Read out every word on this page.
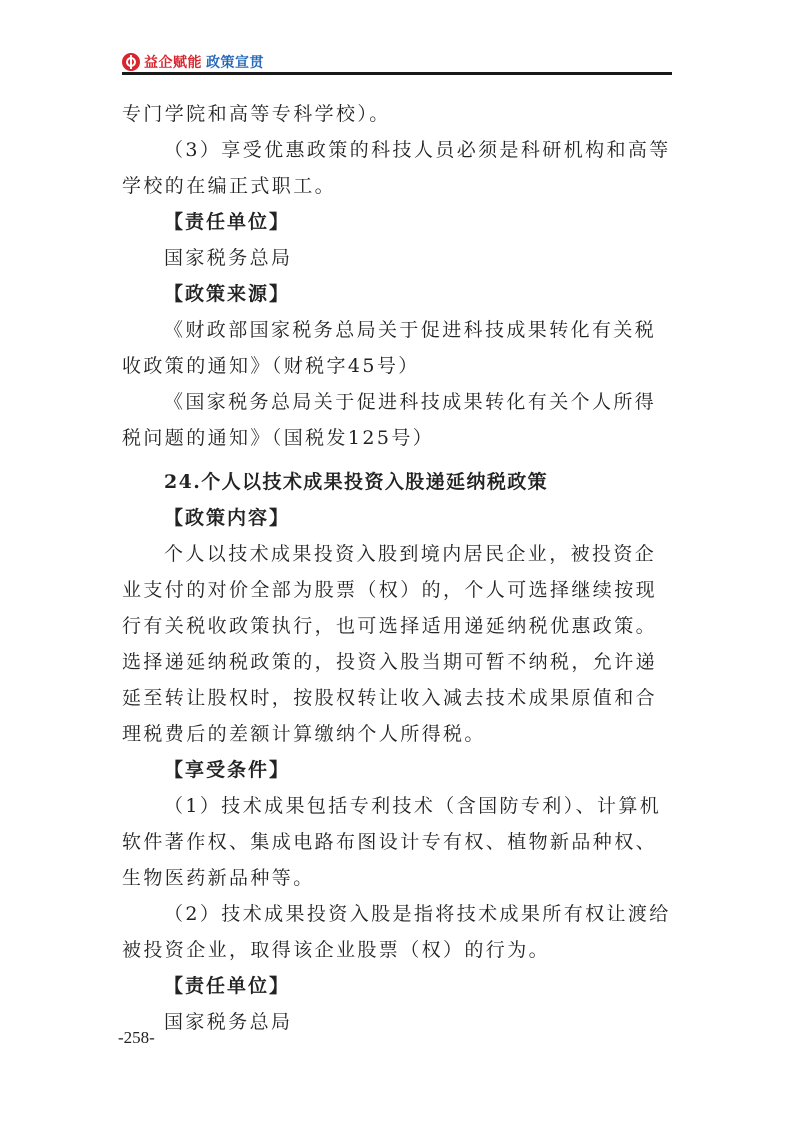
益企赋能 政策宣贯
专门学院和高等专科学校）。
（3）享受优惠政策的科技人员必须是科研机构和高等
学校的在编正式职工。
【责任单位】
国家税务总局
【政策来源】
《财政部国家税务总局关于促进科技成果转化有关税
收政策的通知》（财税字45号）
《国家税务总局关于促进科技成果转化有关个人所得
税问题的通知》（国税发125号）
24.个人以技术成果投资入股递延纳税政策
【政策内容】
个人以技术成果投资入股到境内居民企业，被投资企
业支付的对价全部为股票（权）的，个人可选择继续按现
行有关税收政策执行，也可选择适用递延纳税优惠政策。
选择递延纳税政策的，投资入股当期可暂不纳税，允许递
延至转让股权时，按股权转让收入减去技术成果原值和合
理税费后的差额计算缴纳个人所得税。
【享受条件】
（1）技术成果包括专利技术（含国防专利）、计算机
软件著作权、集成电路布图设计专有权、植物新品种权、
生物医药新品种等。
（2）技术成果投资入股是指将技术成果所有权让渡给
被投资企业，取得该企业股票（权）的行为。
【责任单位】
国家税务总局
-258-
